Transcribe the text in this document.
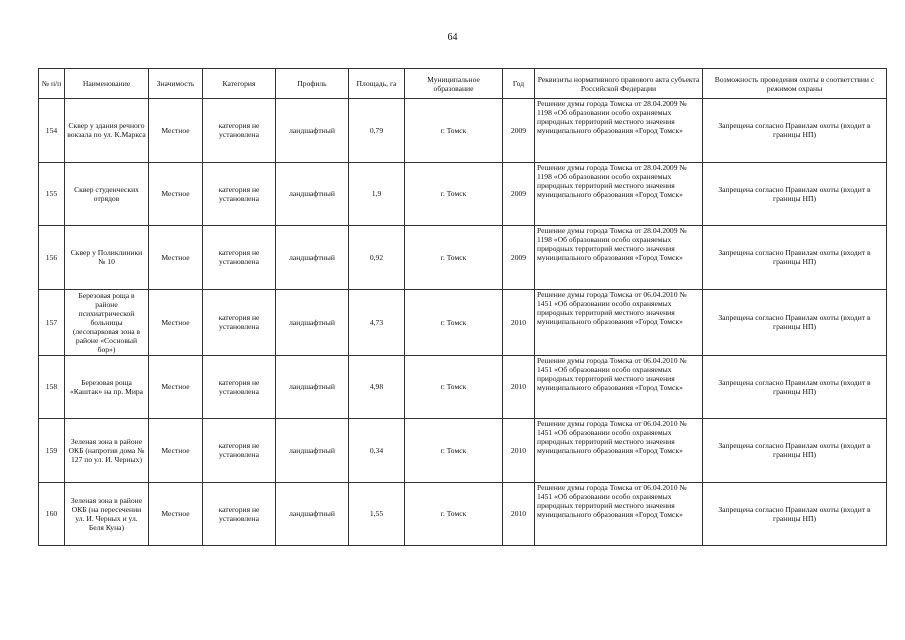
64
№ п/п	Наименование	Значимость	Категория	Профиль	Площадь, га	Муниципальное образование	Год	Реквизиты нормативного правового акта субъекта Российской Федерации	Возможность проведения охоты в соответствии с режимом охраны
154	Сквер у здания речного вокзала по ул. К.Маркса	Местное	категория не установлена	ландшафтный	0,79	г. Томск	2009	Решение думы города Томска от 28.04.2009 № 1198 «Об образовании особо охраняемых природных территорий местного значения муниципального образования «Город Томск»	Запрещена согласно Правилам охоты (входит в границы НП)
155	Сквер студенческих отрядов	Местное	категория не установлена	ландшафтный	1,9	г. Томск	2009	Решение думы города Томска от 28.04.2009 № 1198 «Об образовании особо охраняемых природных территорий местного значения муниципального образования «Город Томск»	Запрещена согласно Правилам охоты (входит в границы НП)
156	Сквер у Поликлиники № 10	Местное	категория не установлена	ландшафтный	0,92	г. Томск	2009	Решение думы города Томска от 28.04.2009 № 1198 «Об образовании особо охраняемых природных территорий местного значения муниципального образования «Город Томск»	Запрещена согласно Правилам охоты (входит в границы НП)
157	Березовая роща в районе психиатрической больницы (лесопарковая зона в районе «Сосновый бор»)	Местное	категория не установлена	ландшафтный	4,73	г. Томск	2010	Решение думы города Томска от 06.04.2010 № 1451 «Об образовании особо охраняемых природных территорий местного значения муниципального образования «Город Томск»	Запрещена согласно Правилам охоты (входит в границы НП)
158	Березовая роща «Каштак» на пр. Мира	Местное	категория не установлена	ландшафтный	4,98	г. Томск	2010	Решение думы города Томска от 06.04.2010 № 1451 «Об образовании особо охраняемых природных территорий местного значения муниципального образования «Город Томск»	Запрещена согласно Правилам охоты (входит в границы НП)
159	Зеленая зона в районе ОКБ (напротив дома № 127 по ул. И. Черных)	Местное	категория не установлена	ландшафтный	0,34	г. Томск	2010	Решение думы города Томска от 06.04.2010 № 1451 «Об образовании особо охраняемых природных территорий местного значения муниципального образования «Город Томск»	Запрещена согласно Правилам охоты (входит в границы НП)
160	Зеленая зона в районе ОКБ (на пересечении ул. И. Черных и ул. Беля Куна)	Местное	категория не установлена	ландшафтный	1,55	г. Томск	2010	Решение думы города Томска от 06.04.2010 № 1451 «Об образовании особо охраняемых природных территорий местного значения муниципального образования «Город Томск»	Запрещена согласно Правилам охоты (входит в границы НП)
